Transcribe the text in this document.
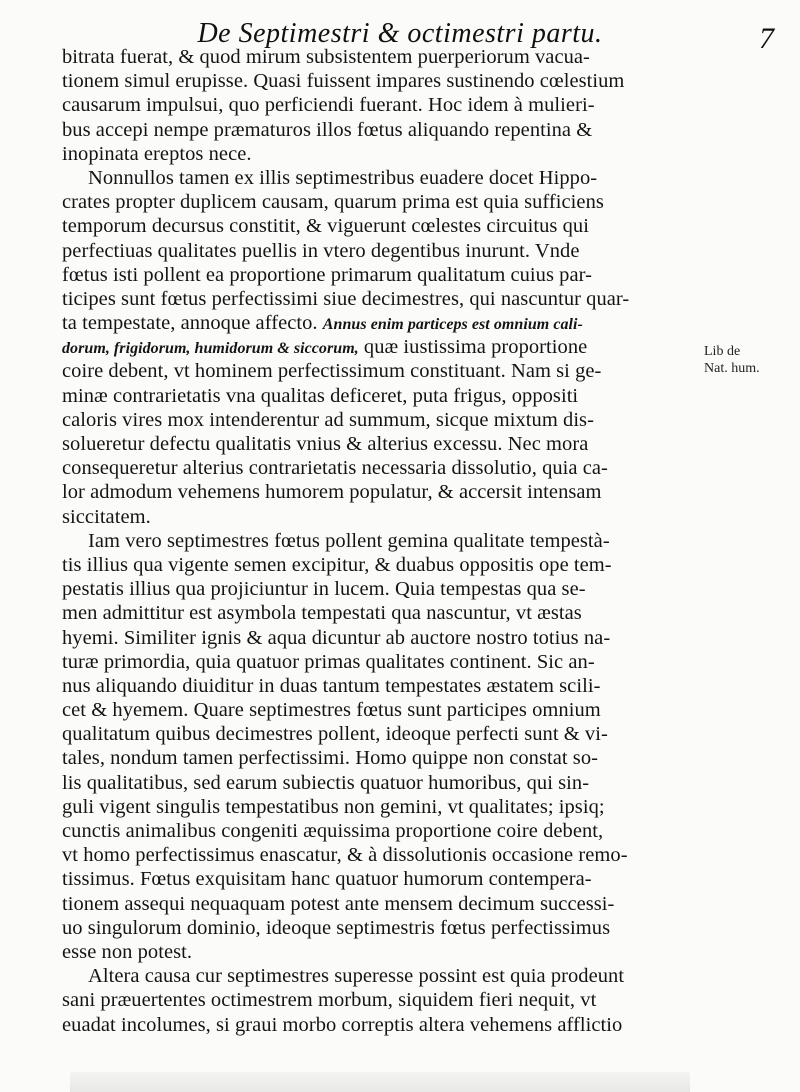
De Septimestri & octimestri partu.	7
bitrata fuerat, & quod mirum subsistentem puerperiorum vacua-
tionem simul erupisse. Quasi fuissent impares sustinendo cœlestium
causarum impulsui, quo perficiendi fuerant. Hoc idem à mulieri-
bus accepi nempe præmaturos illos fœtus aliquando repentina &
inopinata ereptos nece.
Nonnullos tamen ex illis septimestribus euadere docet Hippo-
crates propter duplicem causam, quarum prima est quia sufficiens
temporum decursus constitit, & viguerunt cœlestes circuitus qui
perfectiuas qualitates puellis in vtero degentibus inurunt. Vnde
fœtus isti pollent ea proportione primarum qualitatum cuius par-
ticipes sunt fœtus perfectissimi siue decimestres, qui nascuntur quar-
ta tempestate, annoque affecto. Annus enim particeps est omnium cali-
dorum, frigidorum, humidorum & siccorum, quæ iustissima proportione
coire debent, vt hominem perfectissimum constituant. Nam si ge-
minæ contrarietatis vna qualitas deficeret, puta frigus, oppositi
caloris vires mox intenderentur ad summum, sicque mixtum dis-
solueretur defectu qualitatis vnius & alterius excessu. Nec mora
consequeretur alterius contrarietatis necessaria dissolutio, quia ca-
lor admodum vehemens humorem populatur, & accersit intensam
siccitatem.
Iam vero septimestres fœtus pollent gemina qualitate tempestà-
tis illius qua vigente semen excipitur, & duabus oppositis ope tem-
pestatis illius qua projiciuntur in lucem. Quia tempestas qua se-
men admittitur est asymbola tempestati qua nascuntur, vt æstas
hyemi. Similiter ignis & aqua dicuntur ab auctore nostro totius na-
turæ primordia, quia quatuor primas qualitates continent. Sic an-
nus aliquando diuiditur in duas tantum tempestates æstatem scili-
cet & hyemem. Quare septimestres fœtus sunt participes omnium
qualitatum quibus decimestres pollent, ideoque perfecti sunt & vi-
tales, nondum tamen perfectissimi. Homo quippe non constat so-
lis qualitatibus, sed earum subiectis quatuor humoribus, qui sin-
guli vigent singulis tempestatibus non gemini, vt qualitates; ipsiq;
cunctis animalibus congeniti æquissima proportione coire debent,
vt homo perfectissimus enascatur, & à dissolutionis occasione remo-
tissimus. Fœtus exquisitam hanc quatuor humorum contempera-
tionem assequi nequaquam potest ante mensem decimum successi-
uo singulorum dominio, ideoque septimestris fœtus perfectissimus
esse non potest.
Altera causa cur septimestres superesse possint est quia prodeunt
sani præuertentes octimestrem morbum, siquidem fieri nequit, vt
euadat incolumes, si graui morbo correptis altera vehemens afflictio
Lib de
Nat. hum.
